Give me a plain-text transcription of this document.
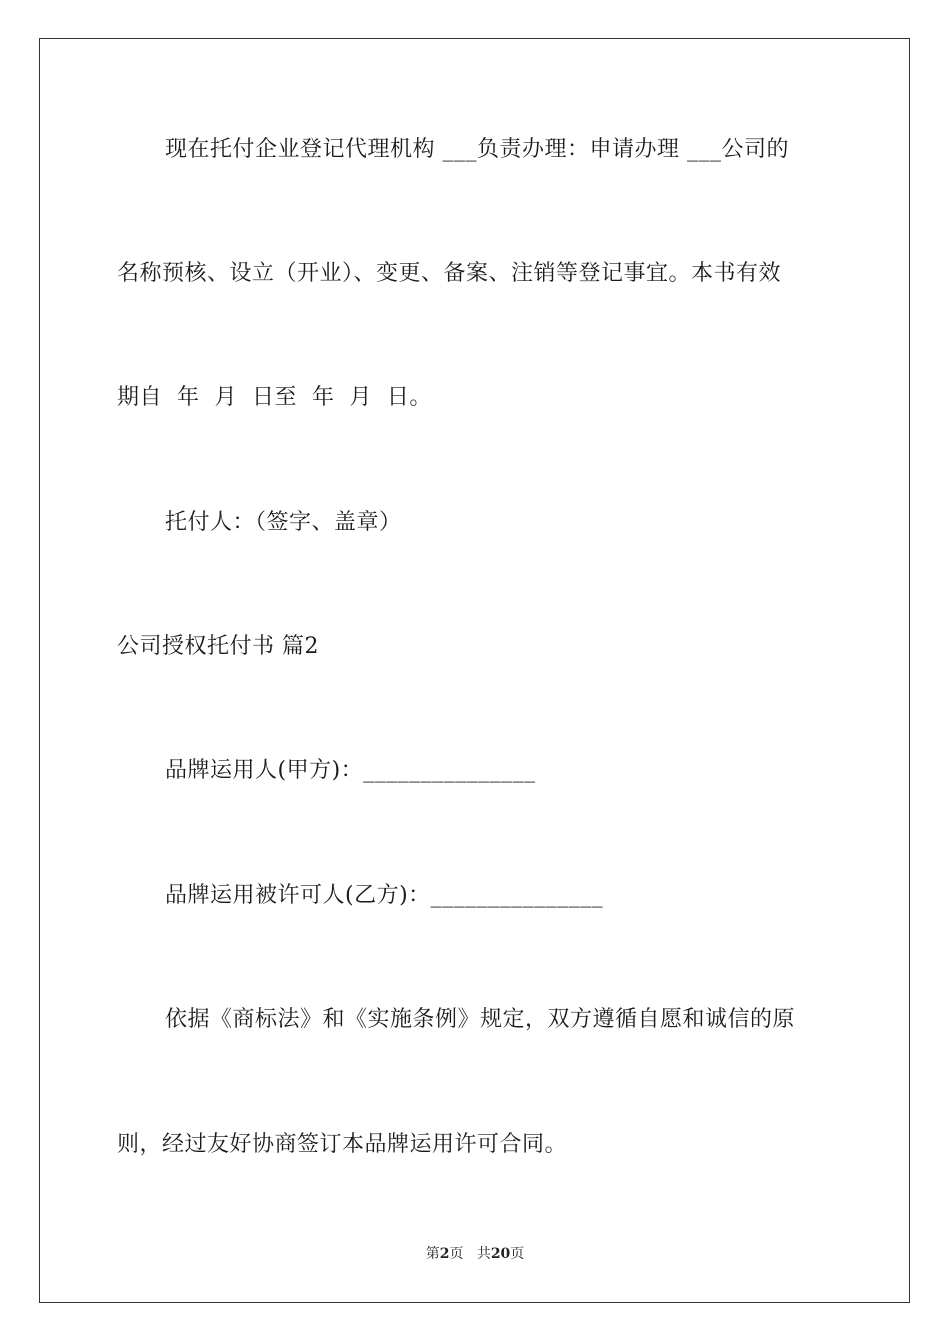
现在托付企业登记代理机构 ___负责办理：申请办理 ___公司的
名称预核、设立（开业）、变更、备案、注销等登记事宜。本书有效
期自  年  月  日至  年  月  日。
托付人：（签字、盖章）
公司授权托付书 篇2
品牌运用人(甲方)：_______________
品牌运用被许可人(乙方)：_______________
依据《商标法》和《实施条例》规定，双方遵循自愿和诚信的原
则，经过友好协商签订本品牌运用许可合同。
第2页 共20页
